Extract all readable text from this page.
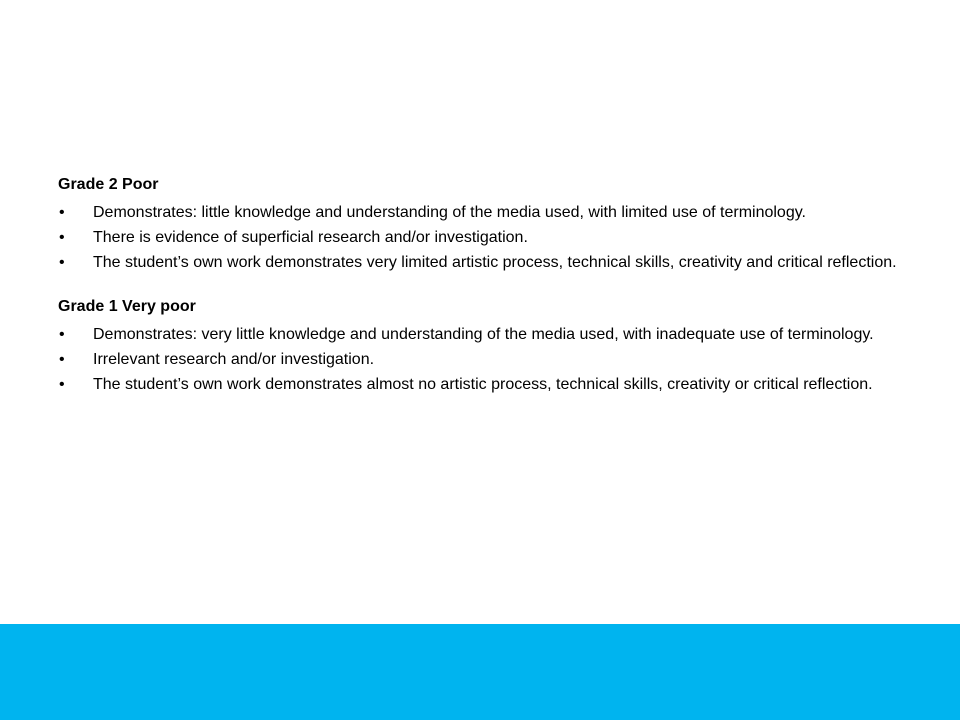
Grade 2 Poor
• Demonstrates: little knowledge and understanding of the media used, with limited use of terminology.
• There is evidence of superficial research and/or investigation.
• The student’s own work demonstrates very limited artistic process, technical skills, creativity and critical reflection.
Grade 1 Very poor
• Demonstrates: very little knowledge and understanding of the media used, with inadequate use of terminology.
• Irrelevant research and/or investigation.
• The student’s own work demonstrates almost no artistic process, technical skills, creativity or critical reflection.
